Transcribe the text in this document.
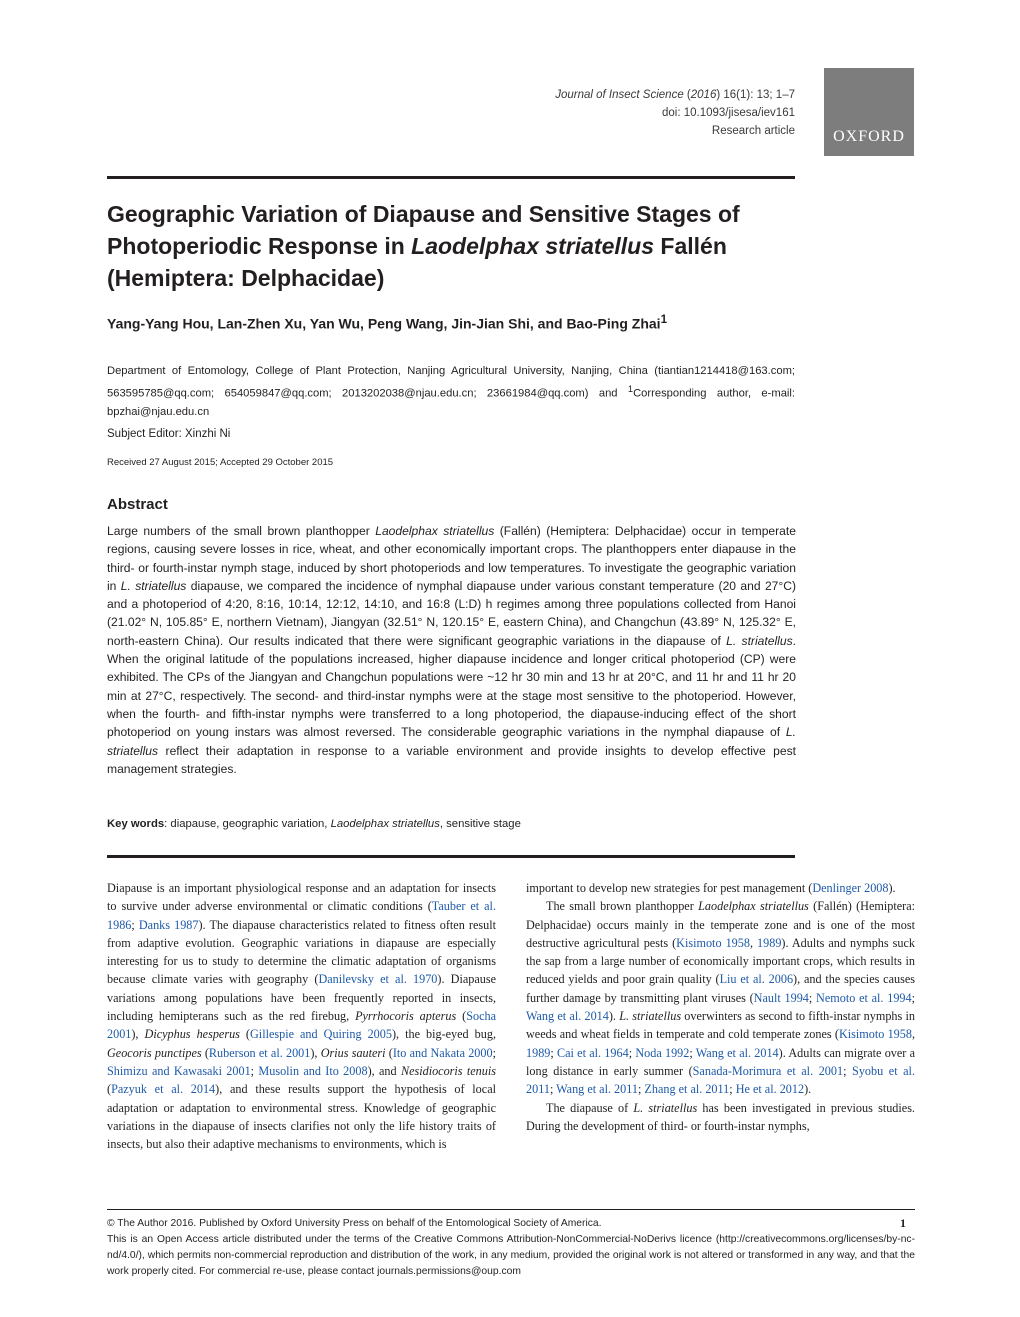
Journal of Insect Science (2016) 16(1): 13; 1–7
doi: 10.1093/jisesa/iev161
Research article	OXFORD
Geographic Variation of Diapause and Sensitive Stages of Photoperiodic Response in Laodelphax striatellus Fallén (Hemiptera: Delphacidae)
Yang-Yang Hou, Lan-Zhen Xu, Yan Wu, Peng Wang, Jin-Jian Shi, and Bao-Ping Zhai$^1$
Department of Entomology, College of Plant Protection, Nanjing Agricultural University, Nanjing, China (tiantian1214418@163.com; 563595785@qq.com; 654059847@qq.com; 2013202038@njau.edu.cn; 23661984@qq.com) and $^1$Corresponding author, e-mail: bpzhai@njau.edu.cn
Subject Editor: Xinzhi Ni
Received 27 August 2015; Accepted 29 October 2015
Abstract
Large numbers of the small brown planthopper Laodelphax striatellus (Fallén) (Hemiptera: Delphacidae) occur in temperate regions, causing severe losses in rice, wheat, and other economically important crops. The planthoppers enter diapause in the third- or fourth-instar nymph stage, induced by short photoperiods and low temperatures. To investigate the geographic variation in L. striatellus diapause, we compared the incidence of nymphal diapause under various constant temperature (20 and 27°C) and a photoperiod of 4:20, 8:16, 10:14, 12:12, 14:10, and 16:8 (L:D) h regimes among three populations collected from Hanoi (21.02° N, 105.85° E, northern Vietnam), Jiangyan (32.51° N, 120.15° E, eastern China), and Changchun (43.89° N, 125.32° E, north-eastern China). Our results indicated that there were significant geographic variations in the diapause of L. striatellus. When the original latitude of the populations increased, higher diapause incidence and longer critical photoperiod (CP) were exhibited. The CPs of the Jiangyan and Changchun populations were ~12 hr 30 min and 13 hr at 20°C, and 11 hr and 11 hr 20 min at 27°C, respectively. The second- and third-instar nymphs were at the stage most sensitive to the photoperiod. However, when the fourth- and fifth-instar nymphs were transferred to a long photoperiod, the diapause-inducing effect of the short photoperiod on young instars was almost reversed. The considerable geographic variations in the nymphal diapause of L. striatellus reflect their adaptation in response to a variable environment and provide insights to develop effective pest management strategies.
Key words: diapause, geographic variation, Laodelphax striatellus, sensitive stage

Diapause is an important physiological response and an adaptation for insects to survive under adverse environmental or climatic conditions (Tauber et al. 1986; Danks 1987). The diapause characteristics related to fitness often result from adaptive evolution. Geographic variations in diapause are especially interesting for us to study to determine the climatic adaptation of organisms because climate varies with geography (Danilevsky et al. 1970). Diapause variations among populations have been frequently reported in insects, including hemipterans such as the red firebug, Pyrrhocoris apterus (Socha 2001), Dicyphus hesperus (Gillespie and Quiring 2005), the big-eyed bug, Geocoris punctipes (Ruberson et al. 2001), Orius sauteri (Ito and Nakata 2000; Shimizu and Kawasaki 2001; Musolin and Ito 2008), and Nesidiocoris tenuis (Pazyuk et al. 2014), and these results support the hypothesis of local adaptation or adaptation to environmental stress. Knowledge of geographic variations in the diapause of insects clarifies not only the life history traits of insects, but also their adaptive mechanisms to environments, which is

important to develop new strategies for pest management (Denlinger 2008).

The small brown planthopper Laodelphax striatellus (Fallén) (Hemiptera: Delphacidae) occurs mainly in the temperate zone and is one of the most destructive agricultural pests (Kisimoto 1958, 1989). Adults and nymphs suck the sap from a large number of economically important crops, which results in reduced yields and poor grain quality (Liu et al. 2006), and the species causes further damage by transmitting plant viruses (Nault 1994; Nemoto et al. 1994; Wang et al. 2014). L. striatellus overwinters as second to fifth-instar nymphs in weeds and wheat fields in temperate and cold temperate zones (Kisimoto 1958, 1989; Cai et al. 1964; Noda 1992; Wang et al. 2014). Adults can migrate over a long distance in early summer (Sanada-Morimura et al. 2001; Syobu et al. 2011; Wang et al. 2011; Zhang et al. 2011; He et al. 2012).

The diapause of L. striatellus has been investigated in previous studies. During the development of third- or fourth-instar nymphs,

© The Author 2016. Published by Oxford University Press on behalf of the Entomological Society of America.
This is an Open Access article distributed under the terms of the Creative Commons Attribution-NonCommercial-NoDerivs licence (http://creativecommons.org/licenses/by-nc-nd/4.0/), which permits non-commercial reproduction and distribution of the work, in any medium, provided the original work is not altered or transformed in any way, and that the work properly cited. For commercial re-use, please contact journals.permissions@oup.com
1
